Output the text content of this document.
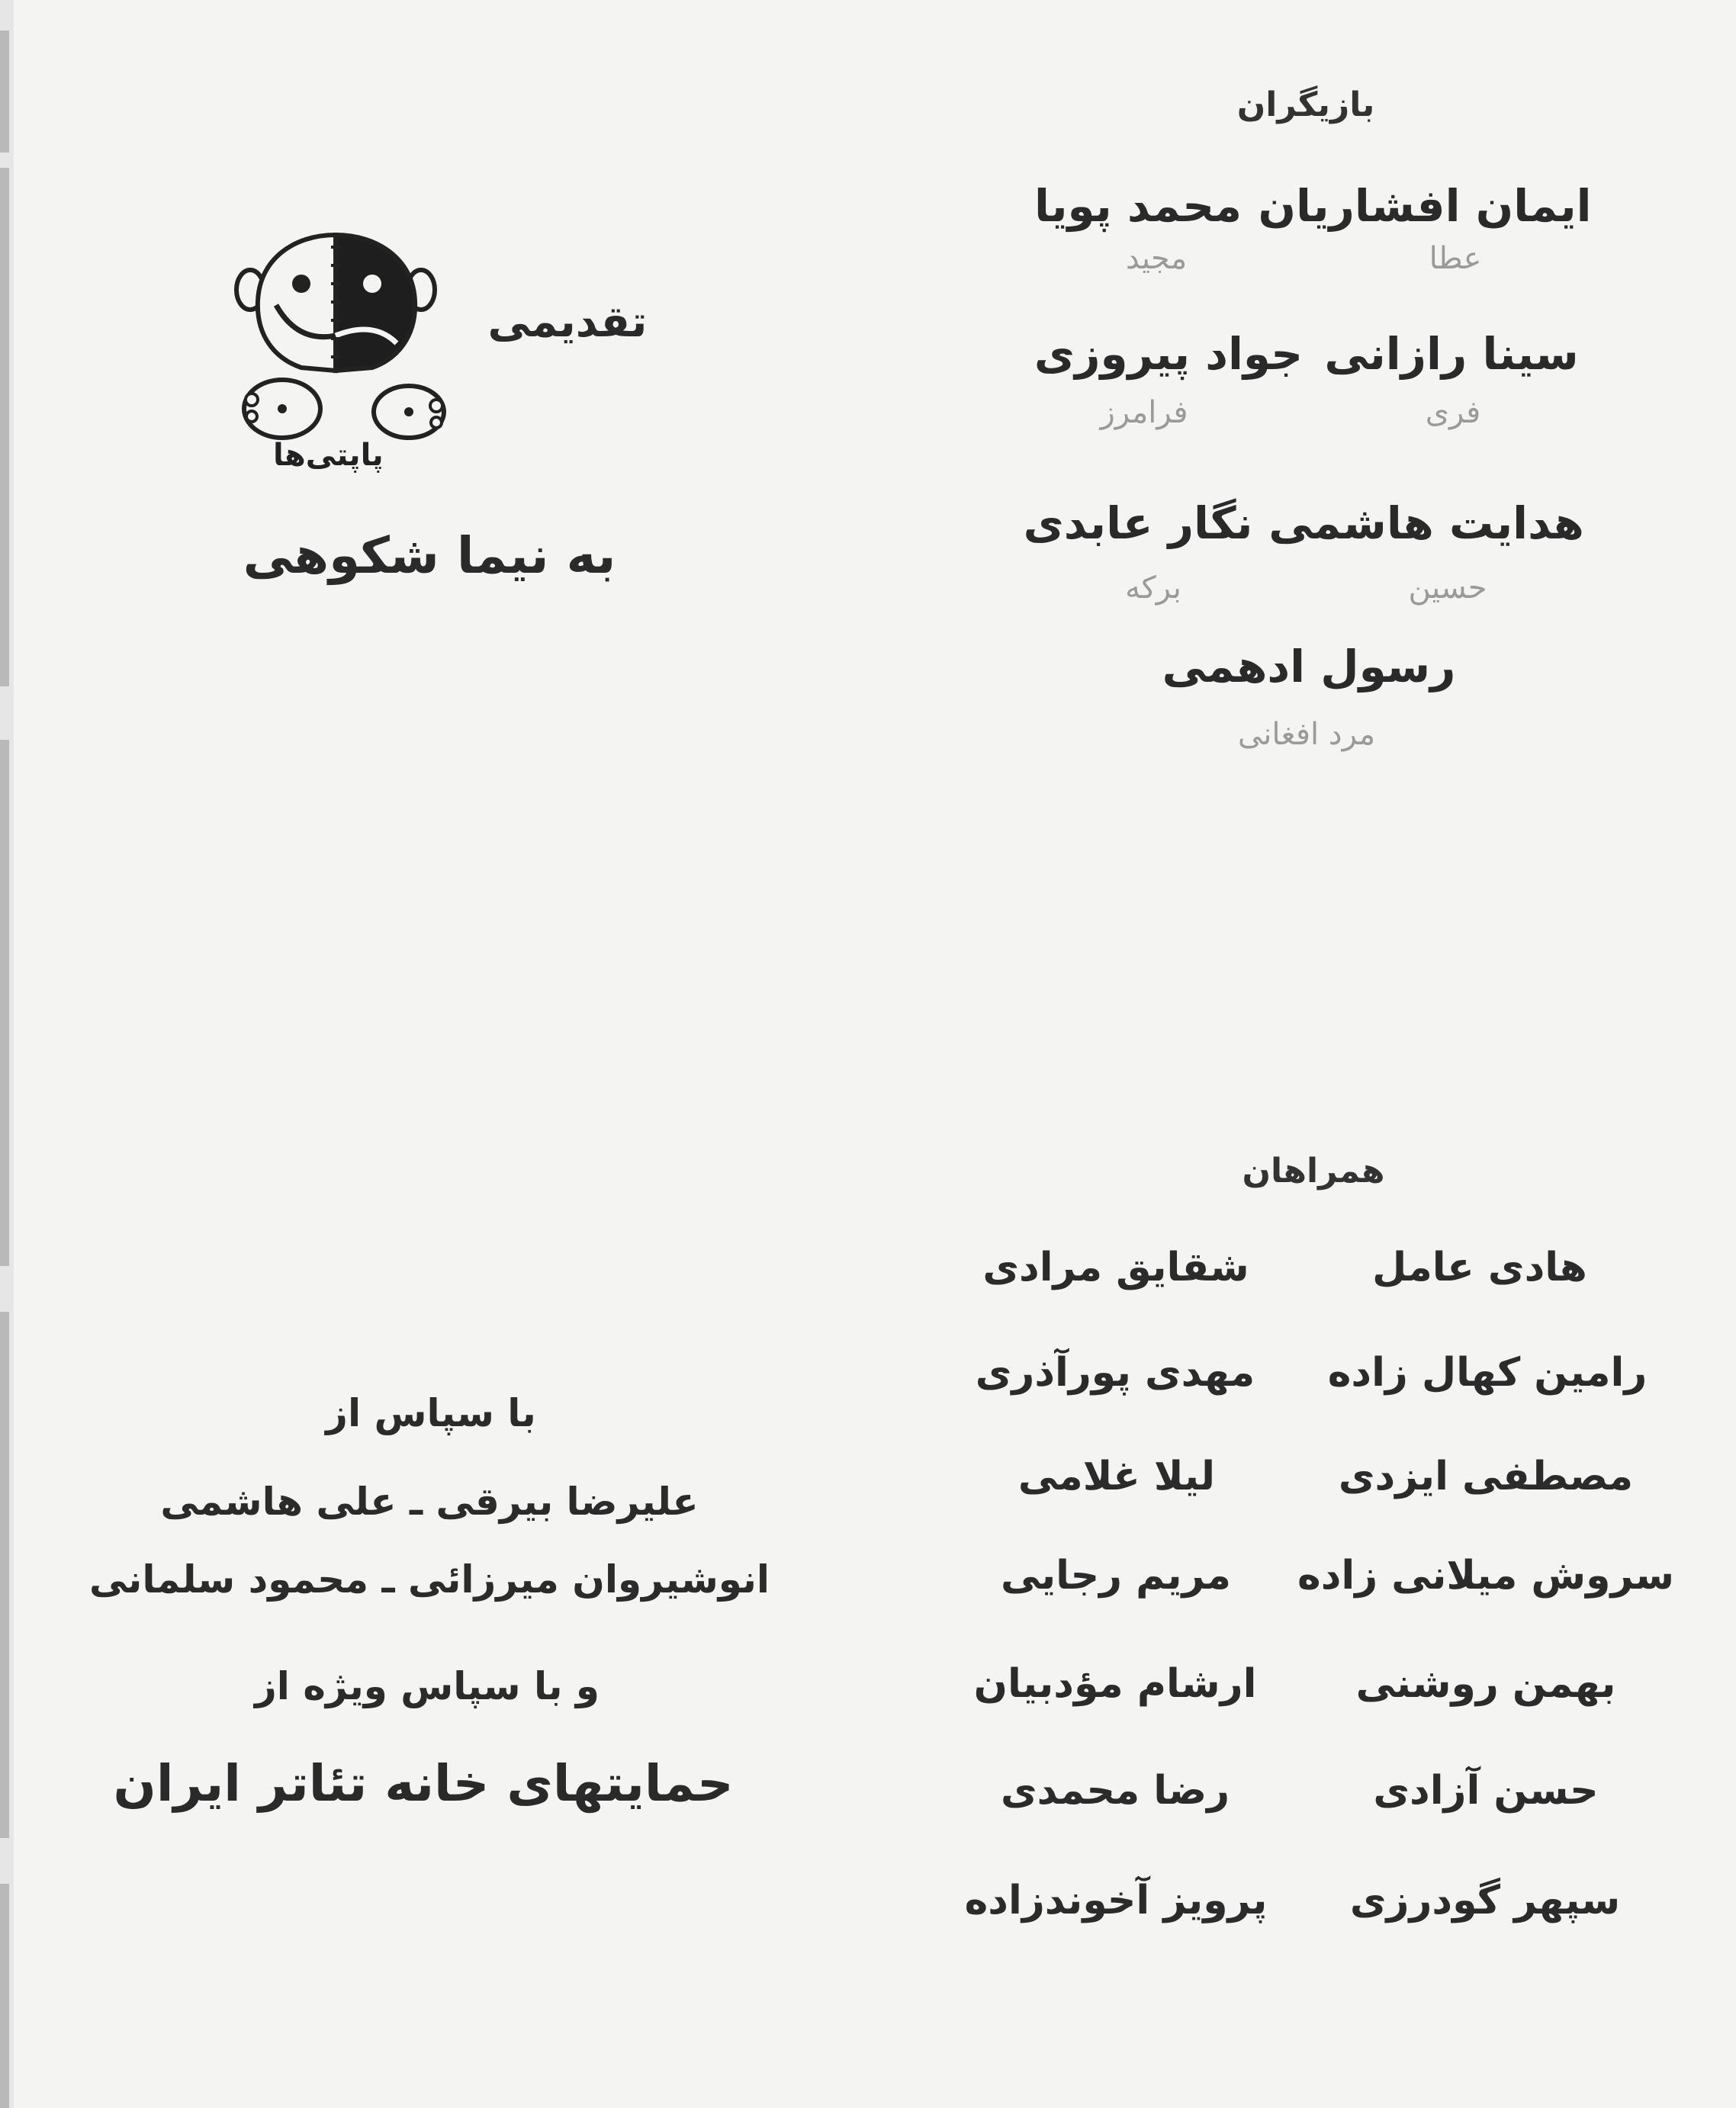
بازیگران
ایمان افشاریان
عطا
محمد پویا
مجید
سینا رازانی
فری
جواد پیروزی
فرامرز
هدایت هاشمی
حسین
نگار عابدی
برکه
رسول ادهمی
مرد افغانی
همراهان
هادی عامل
رامین کهال زاده
مصطفی ایزدی
سروش میلانی زاده
بهمن روشنی
حسن آزادی
سپهر گودرزی
شقایق مرادی
مهدی پورآذری
لیلا غلامی
مریم رجایی
ارشام مؤدبیان
رضا محمدی
پرویز آخوندزاده
پاپتی‌ها
تقدیمی
به نیما شکوهی
با سپاس از
علیرضا بیرقی ـ علی هاشمی
انوشیروان میرزائی ـ محمود سلمانی
و با سپاس ویژه از
حمایتهای خانه تئاتر ایران
